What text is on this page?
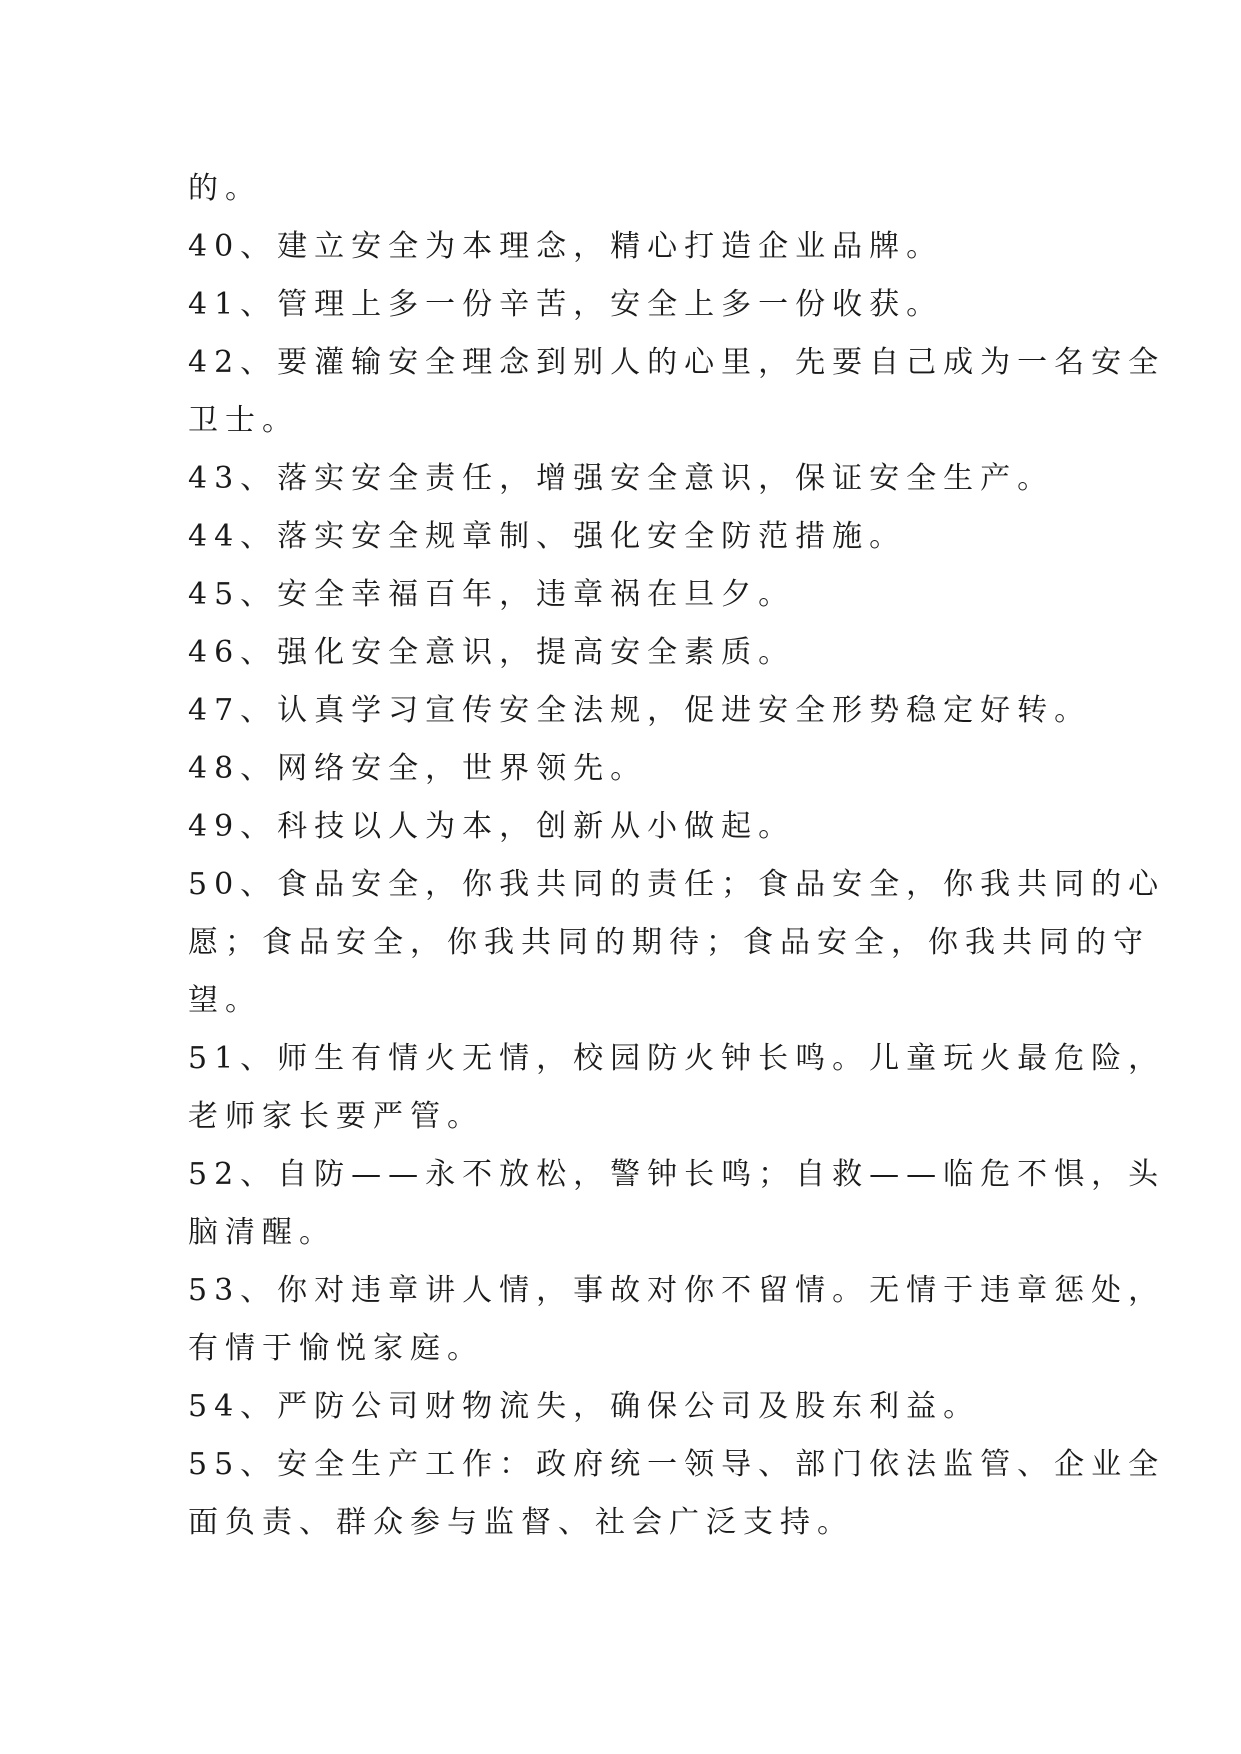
的。
40、建立安全为本理念，精心打造企业品牌。
41、管理上多一份辛苦，安全上多一份收获。
42、要灌输安全理念到别人的心里，先要自己成为一名安全
卫士。
43、落实安全责任，增强安全意识，保证安全生产。
44、落实安全规章制、强化安全防范措施。
45、安全幸福百年，违章祸在旦夕。
46、强化安全意识，提高安全素质。
47、认真学习宣传安全法规，促进安全形势稳定好转。
48、网络安全，世界领先。
49、科技以人为本，创新从小做起。
50、食品安全，你我共同的责任；食品安全，你我共同的心
愿；食品安全，你我共同的期待；食品安全，你我共同的守
望。
51、师生有情火无情，校园防火钟长鸣。儿童玩火最危险，
老师家长要严管。
52、自防——永不放松，警钟长鸣；自救——临危不惧，头
脑清醒。
53、你对违章讲人情，事故对你不留情。无情于违章惩处，
有情于愉悦家庭。
54、严防公司财物流失，确保公司及股东利益。
55、安全生产工作：政府统一领导、部门依法监管、企业全
面负责、群众参与监督、社会广泛支持。
